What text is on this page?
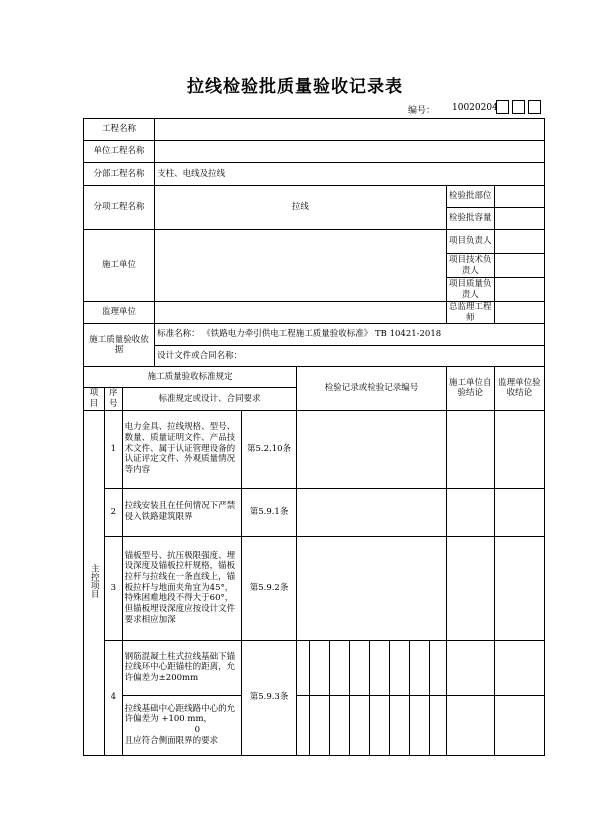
拉线检验批质量验收记录表
编号： 10020204
工程名称							
单位工程名称							
分部工程名称			支柱、电线及拉线				
分项工程名称			拉线			检验批部位	
						检验批容量	
施工单位						项目负责人	
						项目技术负责人	
						项目质量负责人	
监理单位						总监理工程师	
施工质量验收依据			标准名称： 《铁路电力牵引供电工程施工质量验收标准》 TB 10421-2018				
			设计文件或合同名称：				
施工质量验收标准规定					检验记录或检验记录编号	施工单位自验结论	监理单位验收结论
项目	序号	标准规定或设计、合同要求					
主控项目	1	电力金具、拉线规格、型号、数量、质量证明文件、产品技术文件、属于认证管理设备的认证评定文件、外观质量情况等内容		第5.2.10条			
	2	拉线安装且在任何情况下严禁侵入铁路建筑限界		第5.9.1条			
	3	锚板型号、抗压极限强度、埋设深度及锚板拉杆规格，锚板拉杆与拉线在一条直线上，锚板拉杆与地面夹角宜为45°，特殊困难地段不得大于60°，但锚板埋设深度应按设计文件要求相应加深		第5.9.2条			
	4	钢筋混凝土柱式拉线基础下锚拉线环中心距锚柱的距离，允许偏差为±200mm		第5.9.3条	

		拉线基础中心距线路中心的允许偏差为 +100 mm，
0
且应符合侧面限界的要求					
